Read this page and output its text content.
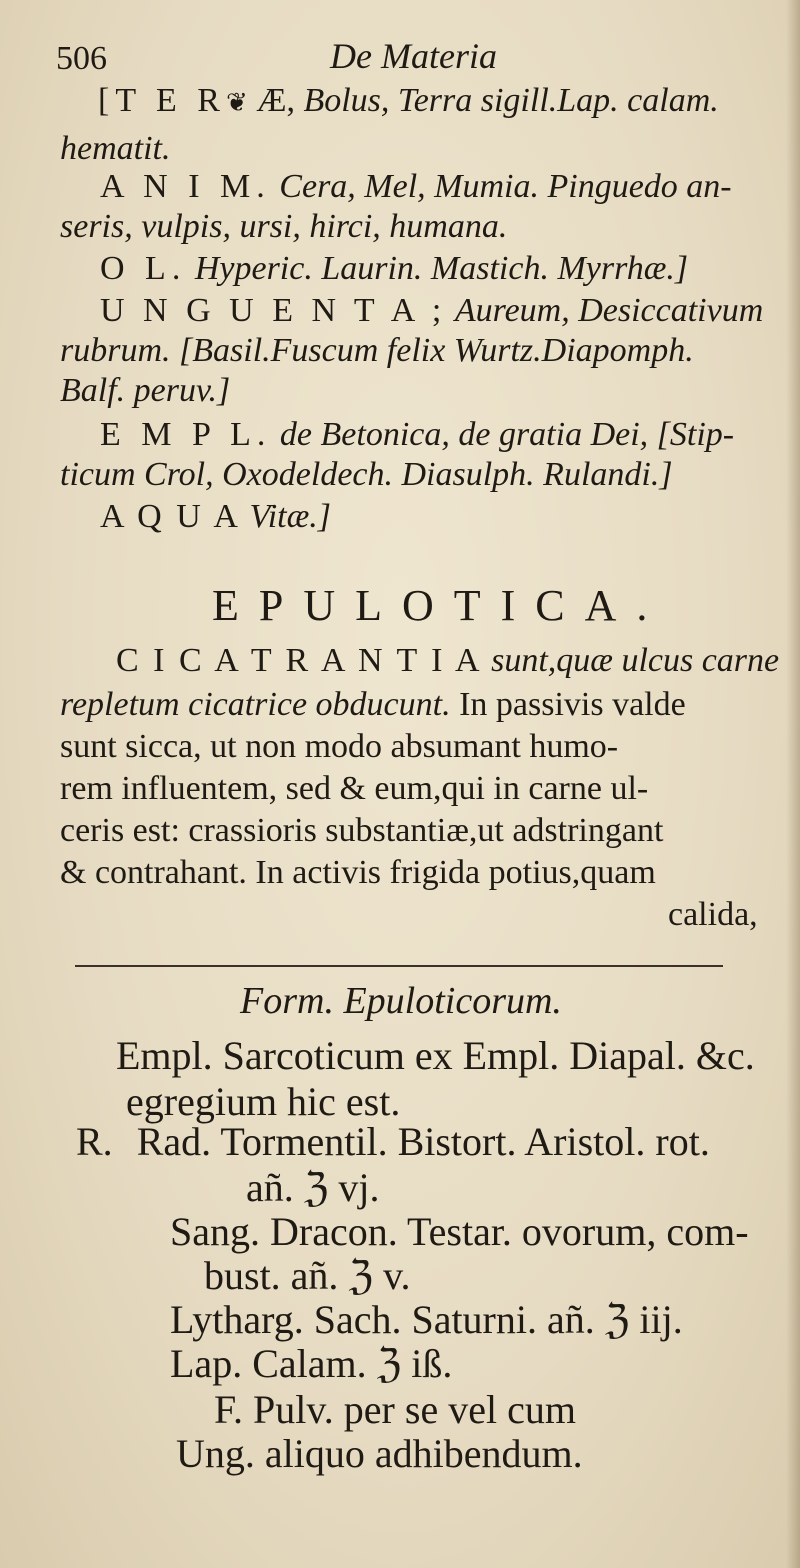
506	De Materia
[T E R❦ Æ, Bolus, Terra sigill.Lap. calam.
hematit.
A N I M. Cera, Mel, Mumia. Pinguedo an-
seris, vulpis, ursi, hirci, humana.
O L. Hyperic. Laurin. Mastich. Myrrhæ.]
U N G U E N T A ; Aureum, Desiccativum
rubrum. [Basil.Fuscum felix Wurtz.Diapomph.
Balf. peruv.]
E M P L. de Betonica, de gratia Dei, [Stip-
ticum Crol, Oxodeldech. Diasulph. Rulandi.]
A Q U A Vitæ.]
EPULOTICA.
C I C A T R A N T I A sunt,quæ ulcus carne
repletum cicatrice obducunt. In passivis valde
sunt sicca, ut non modo absumant humo-
rem influentem, sed & eum,qui in carne ul-
ceris est: crassioris substantiæ,ut adstringant
& contrahant. In activis frigida potius,quam
calida,
Form. Epuloticorum.
Empl. Sarcoticum ex Empl. Diapal. &c.
egregium hic est.
R. Rad. Tormentil. Bistort. Aristol. rot.
añ. ℨ vj.
Sang. Dracon. Testar. ovorum, com-
bust. añ. ℨ v.
Lytharg. Sach. Saturni. añ. ℨ iij.
Lap. Calam. ℨ iß.
F. Pulv. per se vel cum
Ung. aliquo adhibendum.
